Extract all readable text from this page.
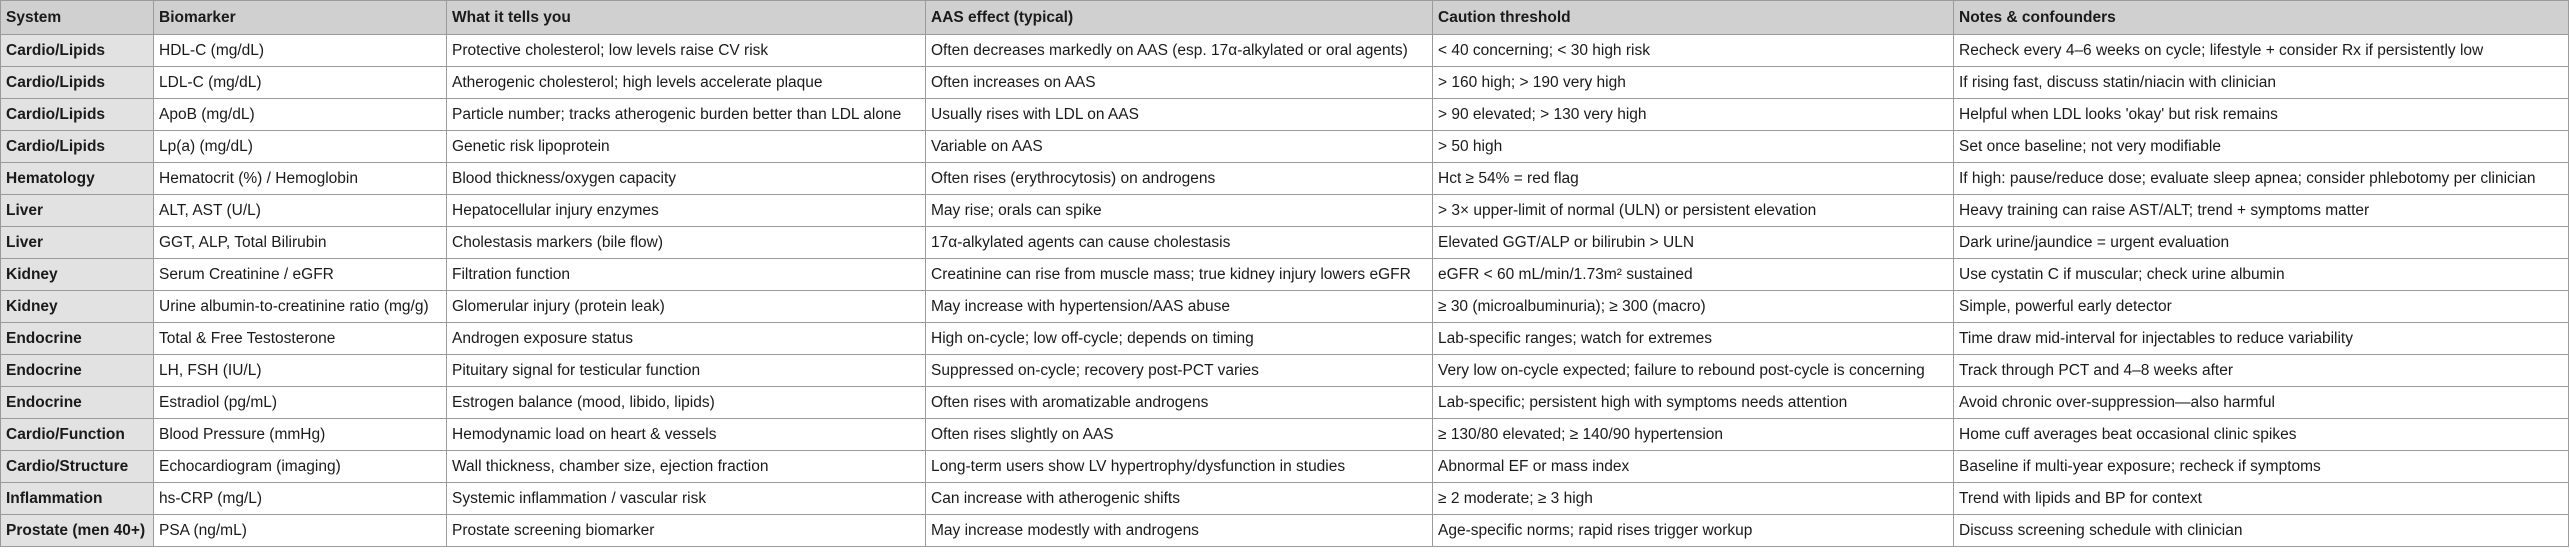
System	Biomarker	What it tells you	AAS effect (typical)	Caution threshold	Notes & confounders
Cardio/Lipids	HDL-C (mg/dL)	Protective cholesterol; low levels raise CV risk	Often decreases markedly on AAS (esp. 17α-alkylated or oral agents)	< 40 concerning; < 30 high risk	Recheck every 4–6 weeks on cycle; lifestyle + consider Rx if persistently low
Cardio/Lipids	LDL-C (mg/dL)	Atherogenic cholesterol; high levels accelerate plaque	Often increases on AAS	> 160 high; > 190 very high	If rising fast, discuss statin/niacin with clinician
Cardio/Lipids	ApoB (mg/dL)	Particle number; tracks atherogenic burden better than LDL alone	Usually rises with LDL on AAS	> 90 elevated; > 130 very high	Helpful when LDL looks 'okay' but risk remains
Cardio/Lipids	Lp(a) (mg/dL)	Genetic risk lipoprotein	Variable on AAS	> 50 high	Set once baseline; not very modifiable
Hematology	Hematocrit (%) / Hemoglobin	Blood thickness/oxygen capacity	Often rises (erythrocytosis) on androgens	Hct ≥ 54% = red flag	If high: pause/reduce dose; evaluate sleep apnea; consider phlebotomy per clinician
Liver	ALT, AST (U/L)	Hepatocellular injury enzymes	May rise; orals can spike	> 3× upper-limit of normal (ULN) or persistent elevation	Heavy training can raise AST/ALT; trend + symptoms matter
Liver	GGT, ALP, Total Bilirubin	Cholestasis markers (bile flow)	17α-alkylated agents can cause cholestasis	Elevated GGT/ALP or bilirubin > ULN	Dark urine/jaundice = urgent evaluation
Kidney	Serum Creatinine / eGFR	Filtration function	Creatinine can rise from muscle mass; true kidney injury lowers eGFR	eGFR < 60 mL/min/1.73m² sustained	Use cystatin C if muscular; check urine albumin
Kidney	Urine albumin-to-creatinine ratio (mg/g)	Glomerular injury (protein leak)	May increase with hypertension/AAS abuse	≥ 30 (microalbuminuria); ≥ 300 (macro)	Simple, powerful early detector
Endocrine	Total & Free Testosterone	Androgen exposure status	High on-cycle; low off-cycle; depends on timing	Lab-specific ranges; watch for extremes	Time draw mid-interval for injectables to reduce variability
Endocrine	LH, FSH (IU/L)	Pituitary signal for testicular function	Suppressed on-cycle; recovery post-PCT varies	Very low on-cycle expected; failure to rebound post-cycle is concerning	Track through PCT and 4–8 weeks after
Endocrine	Estradiol (pg/mL)	Estrogen balance (mood, libido, lipids)	Often rises with aromatizable androgens	Lab-specific; persistent high with symptoms needs attention	Avoid chronic over-suppression—also harmful
Cardio/Function	Blood Pressure (mmHg)	Hemodynamic load on heart & vessels	Often rises slightly on AAS	≥ 130/80 elevated; ≥ 140/90 hypertension	Home cuff averages beat occasional clinic spikes
Cardio/Structure	Echocardiogram (imaging)	Wall thickness, chamber size, ejection fraction	Long-term users show LV hypertrophy/dysfunction in studies	Abnormal EF or mass index	Baseline if multi-year exposure; recheck if symptoms
Inflammation	hs-CRP (mg/L)	Systemic inflammation / vascular risk	Can increase with atherogenic shifts	≥ 2 moderate; ≥ 3 high	Trend with lipids and BP for context
Prostate (men 40+)	PSA (ng/mL)	Prostate screening biomarker	May increase modestly with androgens	Age-specific norms; rapid rises trigger workup	Discuss screening schedule with clinician
